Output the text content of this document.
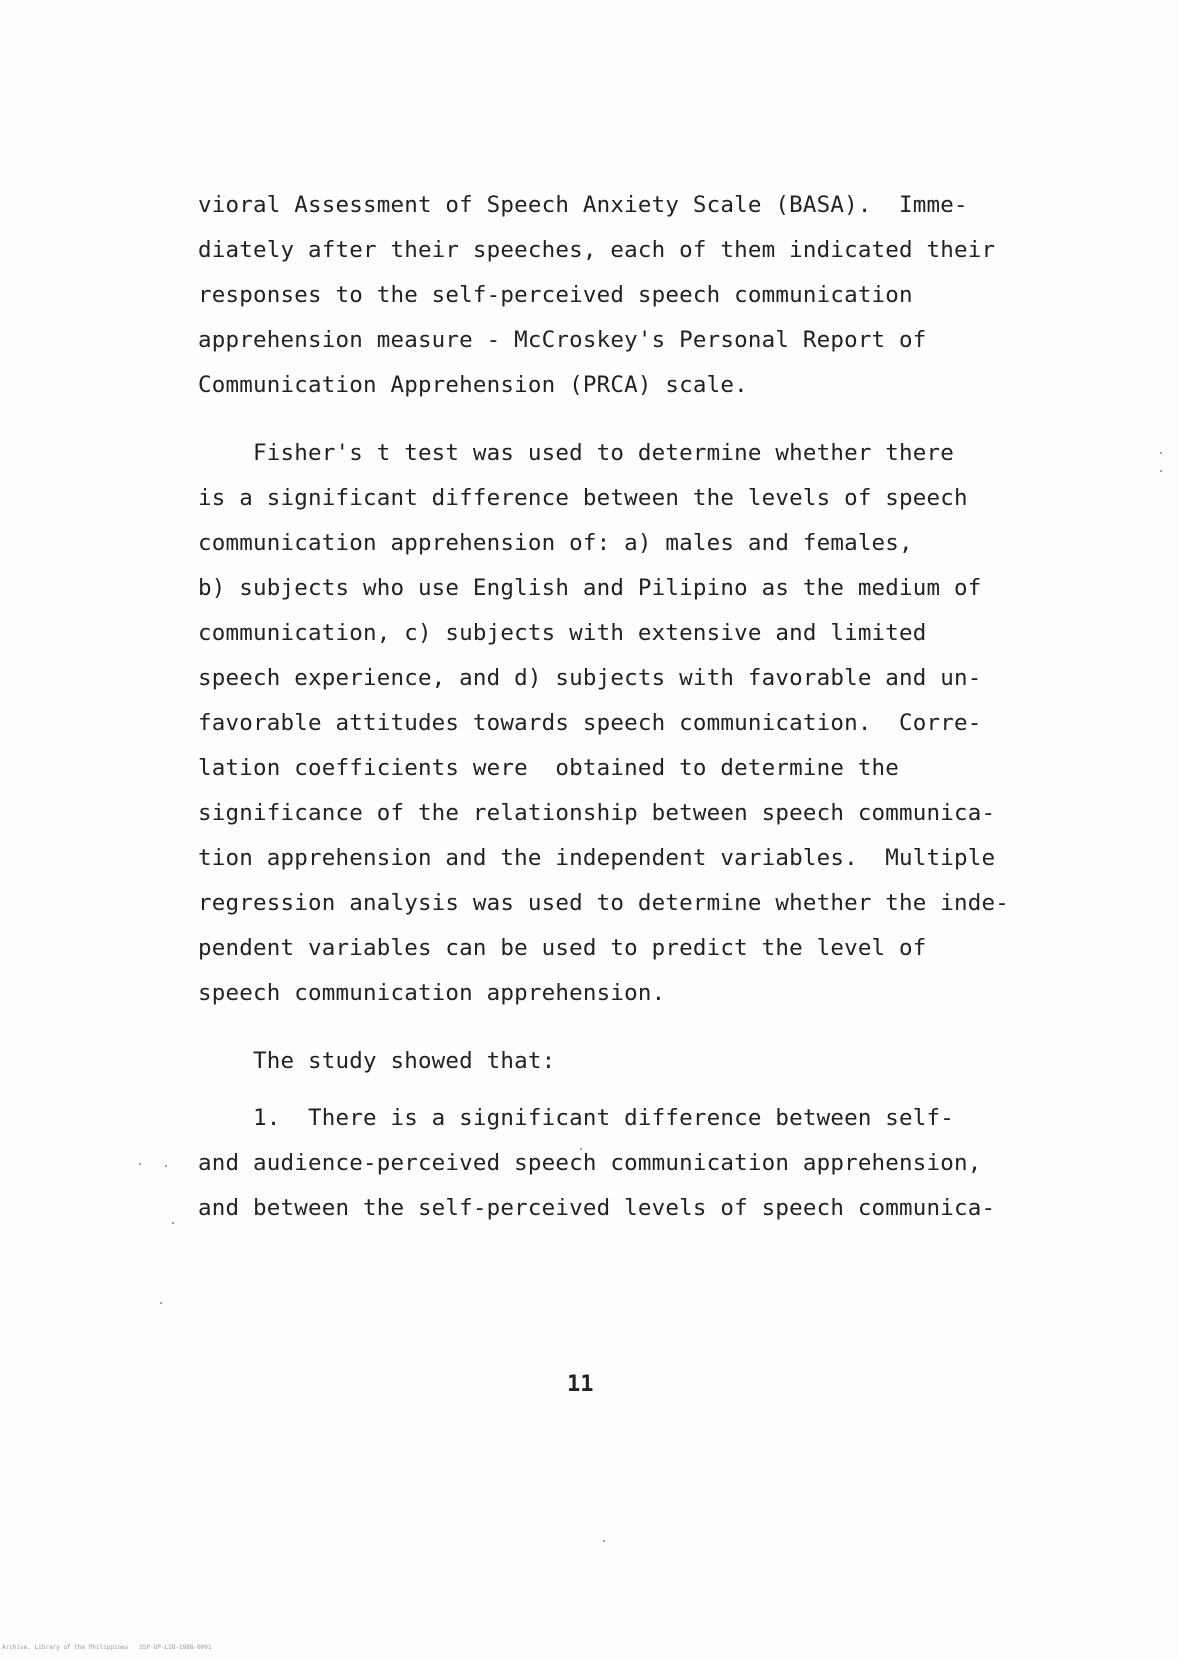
vioral Assessment of Speech Anxiety Scale (BASA).  Imme-
diately after their speeches, each of them indicated their
responses to the self-perceived speech communication
apprehension measure - McCroskey's Personal Report of
Communication Apprehension (PRCA) scale.
Fisher's t test was used to determine whether there
is a significant difference between the levels of speech
communication apprehension of: a) males and females,
b) subjects who use English and Pilipino as the medium of
communication, c) subjects with extensive and limited
speech experience, and d) subjects with favorable and un-
favorable attitudes towards speech communication.  Corre-
lation coefficients were  obtained to determine the
significance of the relationship between speech communica-
tion apprehension and the independent variables.  Multiple
regression analysis was used to determine whether the inde-
pendent variables can be used to predict the level of
speech communication apprehension.
The study showed that:
1.  There is a significant difference between self-
and audience-perceived speech communication apprehension,
and between the self-perceived levels of speech communica-
11
Archive, Library of the Philippines   SSP-UP-LIB-1988-0001
